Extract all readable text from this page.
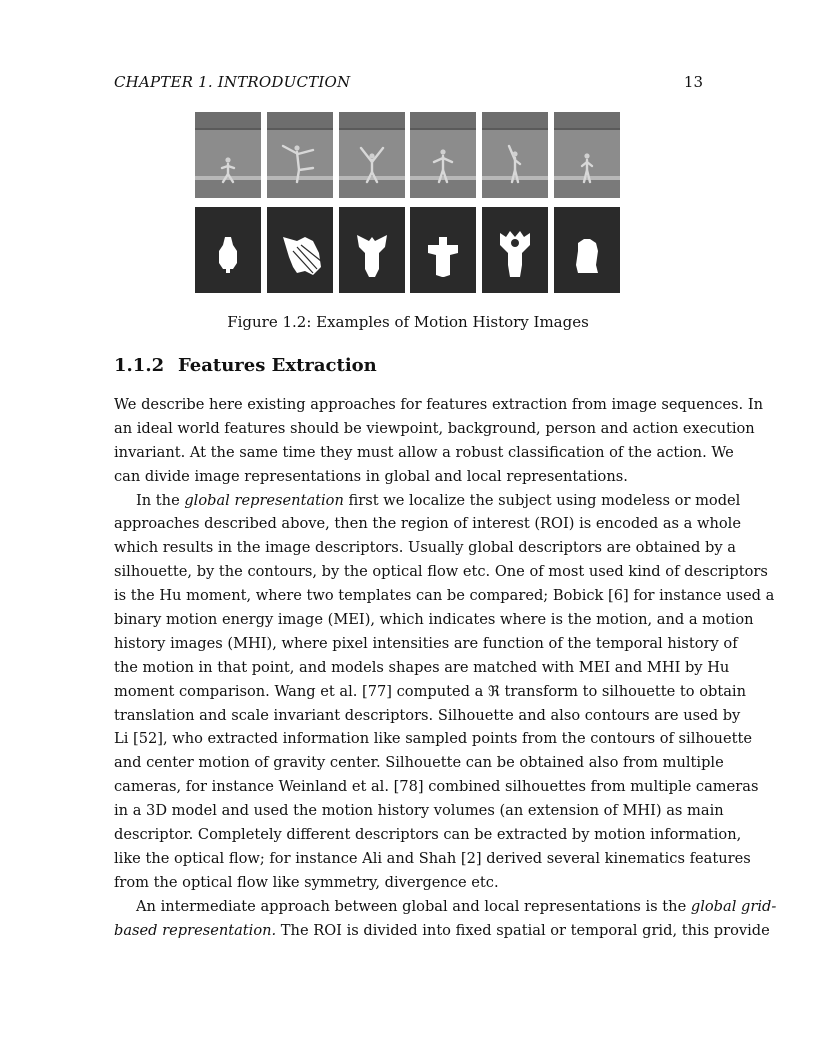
CHAPTER 1. INTRODUCTION	13
Figure 1.2: Examples of Motion History Images
1.1.2 Features Extraction
We describe here existing approaches for features extraction from image sequences. In
an ideal world features should be viewpoint, background, person and action execution
invariant. At the same time they must allow a robust classification of the action. We
can divide image representations in global and local representations.
In the global representation first we localize the subject using modeless or model
approaches described above, then the region of interest (ROI) is encoded as a whole
which results in the image descriptors. Usually global descriptors are obtained by a
silhouette, by the contours, by the optical flow etc. One of most used kind of descriptors
is the Hu moment, where two templates can be compared; Bobick [6] for instance used a
binary motion energy image (MEI), which indicates where is the motion, and a motion
history images (MHI), where pixel intensities are function of the temporal history of
the motion in that point, and models shapes are matched with MEI and MHI by Hu
moment comparison. Wang et al. [77] computed a ℜ transform to silhouette to obtain
translation and scale invariant descriptors. Silhouette and also contours are used by
Li [52], who extracted information like sampled points from the contours of silhouette
and center motion of gravity center. Silhouette can be obtained also from multiple
cameras, for instance Weinland et al. [78] combined silhouettes from multiple cameras
in a 3D model and used the motion history volumes (an extension of MHI) as main
descriptor. Completely different descriptors can be extracted by motion information,
like the optical flow; for instance Ali and Shah [2] derived several kinematics features
from the optical flow like symmetry, divergence etc.
An intermediate approach between global and local representations is the global grid-
based representation. The ROI is divided into fixed spatial or temporal grid, this provide
